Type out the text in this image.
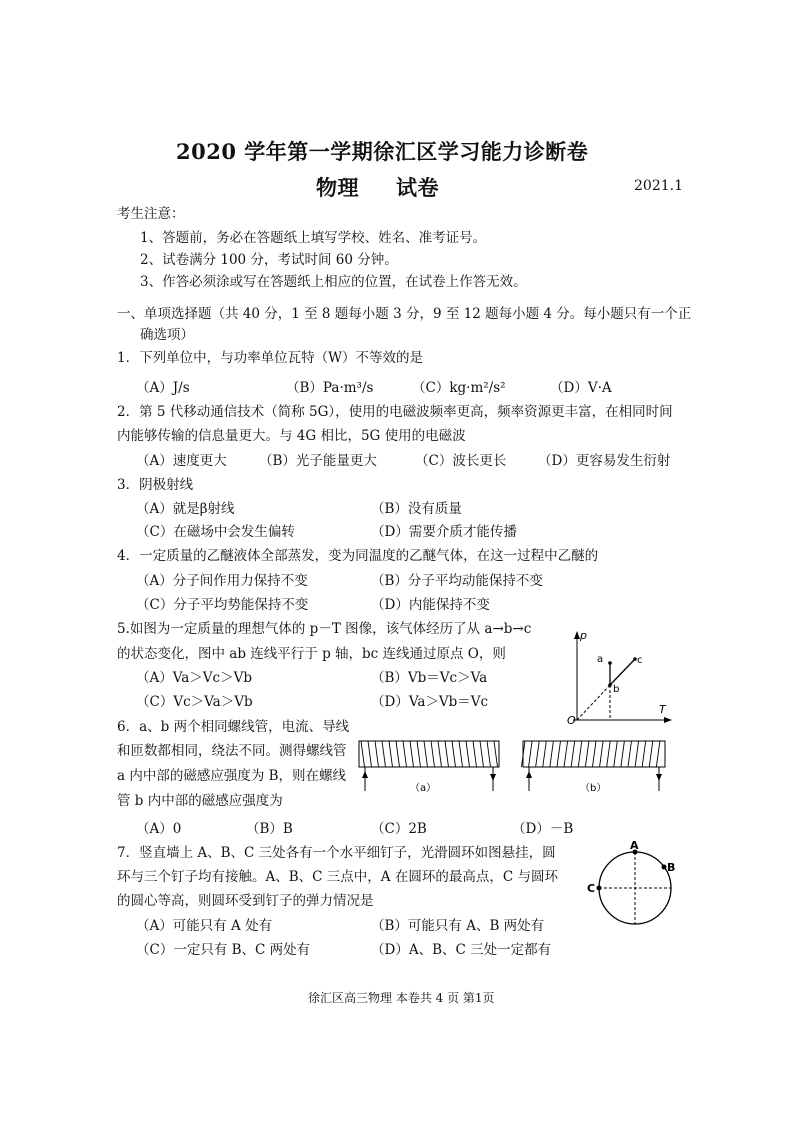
2020 学年第一学期徐汇区学习能力诊断卷
物理 试卷	2021.1
考生注意：
1、答题前，务必在答题纸上填写学校、姓名、准考证号。
2、试卷满分 100 分，考试时间 60 分钟。
3、作答必须涂或写在答题纸上相应的位置，在试卷上作答无效。
一、单项选择题（共 40 分，1 至 8 题每小题 3 分，9 至 12 题每小题 4 分。每小题只有一个正
确选项）
1．下列单位中，与功率单位瓦特（W）不等效的是
（A）J/s	（B）Pa·m³/s	（C）kg·m²/s²	（D）V·A
2．第 5 代移动通信技术（简称 5G），使用的电磁波频率更高，频率资源更丰富，在相同时间
内能够传输的信息量更大。与 4G 相比，5G 使用的电磁波
（A）速度更大 （B）光子能量更大	（C）波长更长 （D）更容易发生衍射
3．阴极射线
（A）就是β射线	（B）没有质量
（C）在磁场中会发生偏转	（D）需要介质才能传播
4．一定质量的乙醚液体全部蒸发，变为同温度的乙醚气体，在这一过程中乙醚的
（A）分子间作用力保持不变	（B）分子平均动能保持不变
（C）分子平均势能保持不变	（D）内能保持不变
5.如图为一定质量的理想气体的 p－T 图像，该气体经历了从 a→b→c
的状态变化，图中 ab 连线平行于 p 轴，bc 连线通过原点 O，则
（A）Va＞Vc＞Vb	（B）Vb＝Vc＞Va
（C）Vc＞Va＞Vb	（D）Va＞Vb＝Vc
p
T
O
a
b
c
6．a、b 两个相同螺线管，电流、导线
和匝数都相同，绕法不同。测得螺线管
a 内中部的磁感应强度为 B，则在螺线
管 b 内中部的磁感应强度为
（A）0	（B）B	（C）2B	（D）－B
（a）	（b）
7．竖直墙上 A、B、C 三处各有一个水平细钉子，光滑圆环如图悬挂，圆
环与三个钉子均有接触。A、B、C 三点中，A 在圆环的最高点，C 与圆环
的圆心等高，则圆环受到钉子的弹力情况是
（A）可能只有 A 处有	（B）可能只有 A、B 两处有
（C）一定只有 B、C 两处有	（D）A、B、C 三处一定都有
A
B
C
徐汇区高三物理 本卷共 4 页 第1页
